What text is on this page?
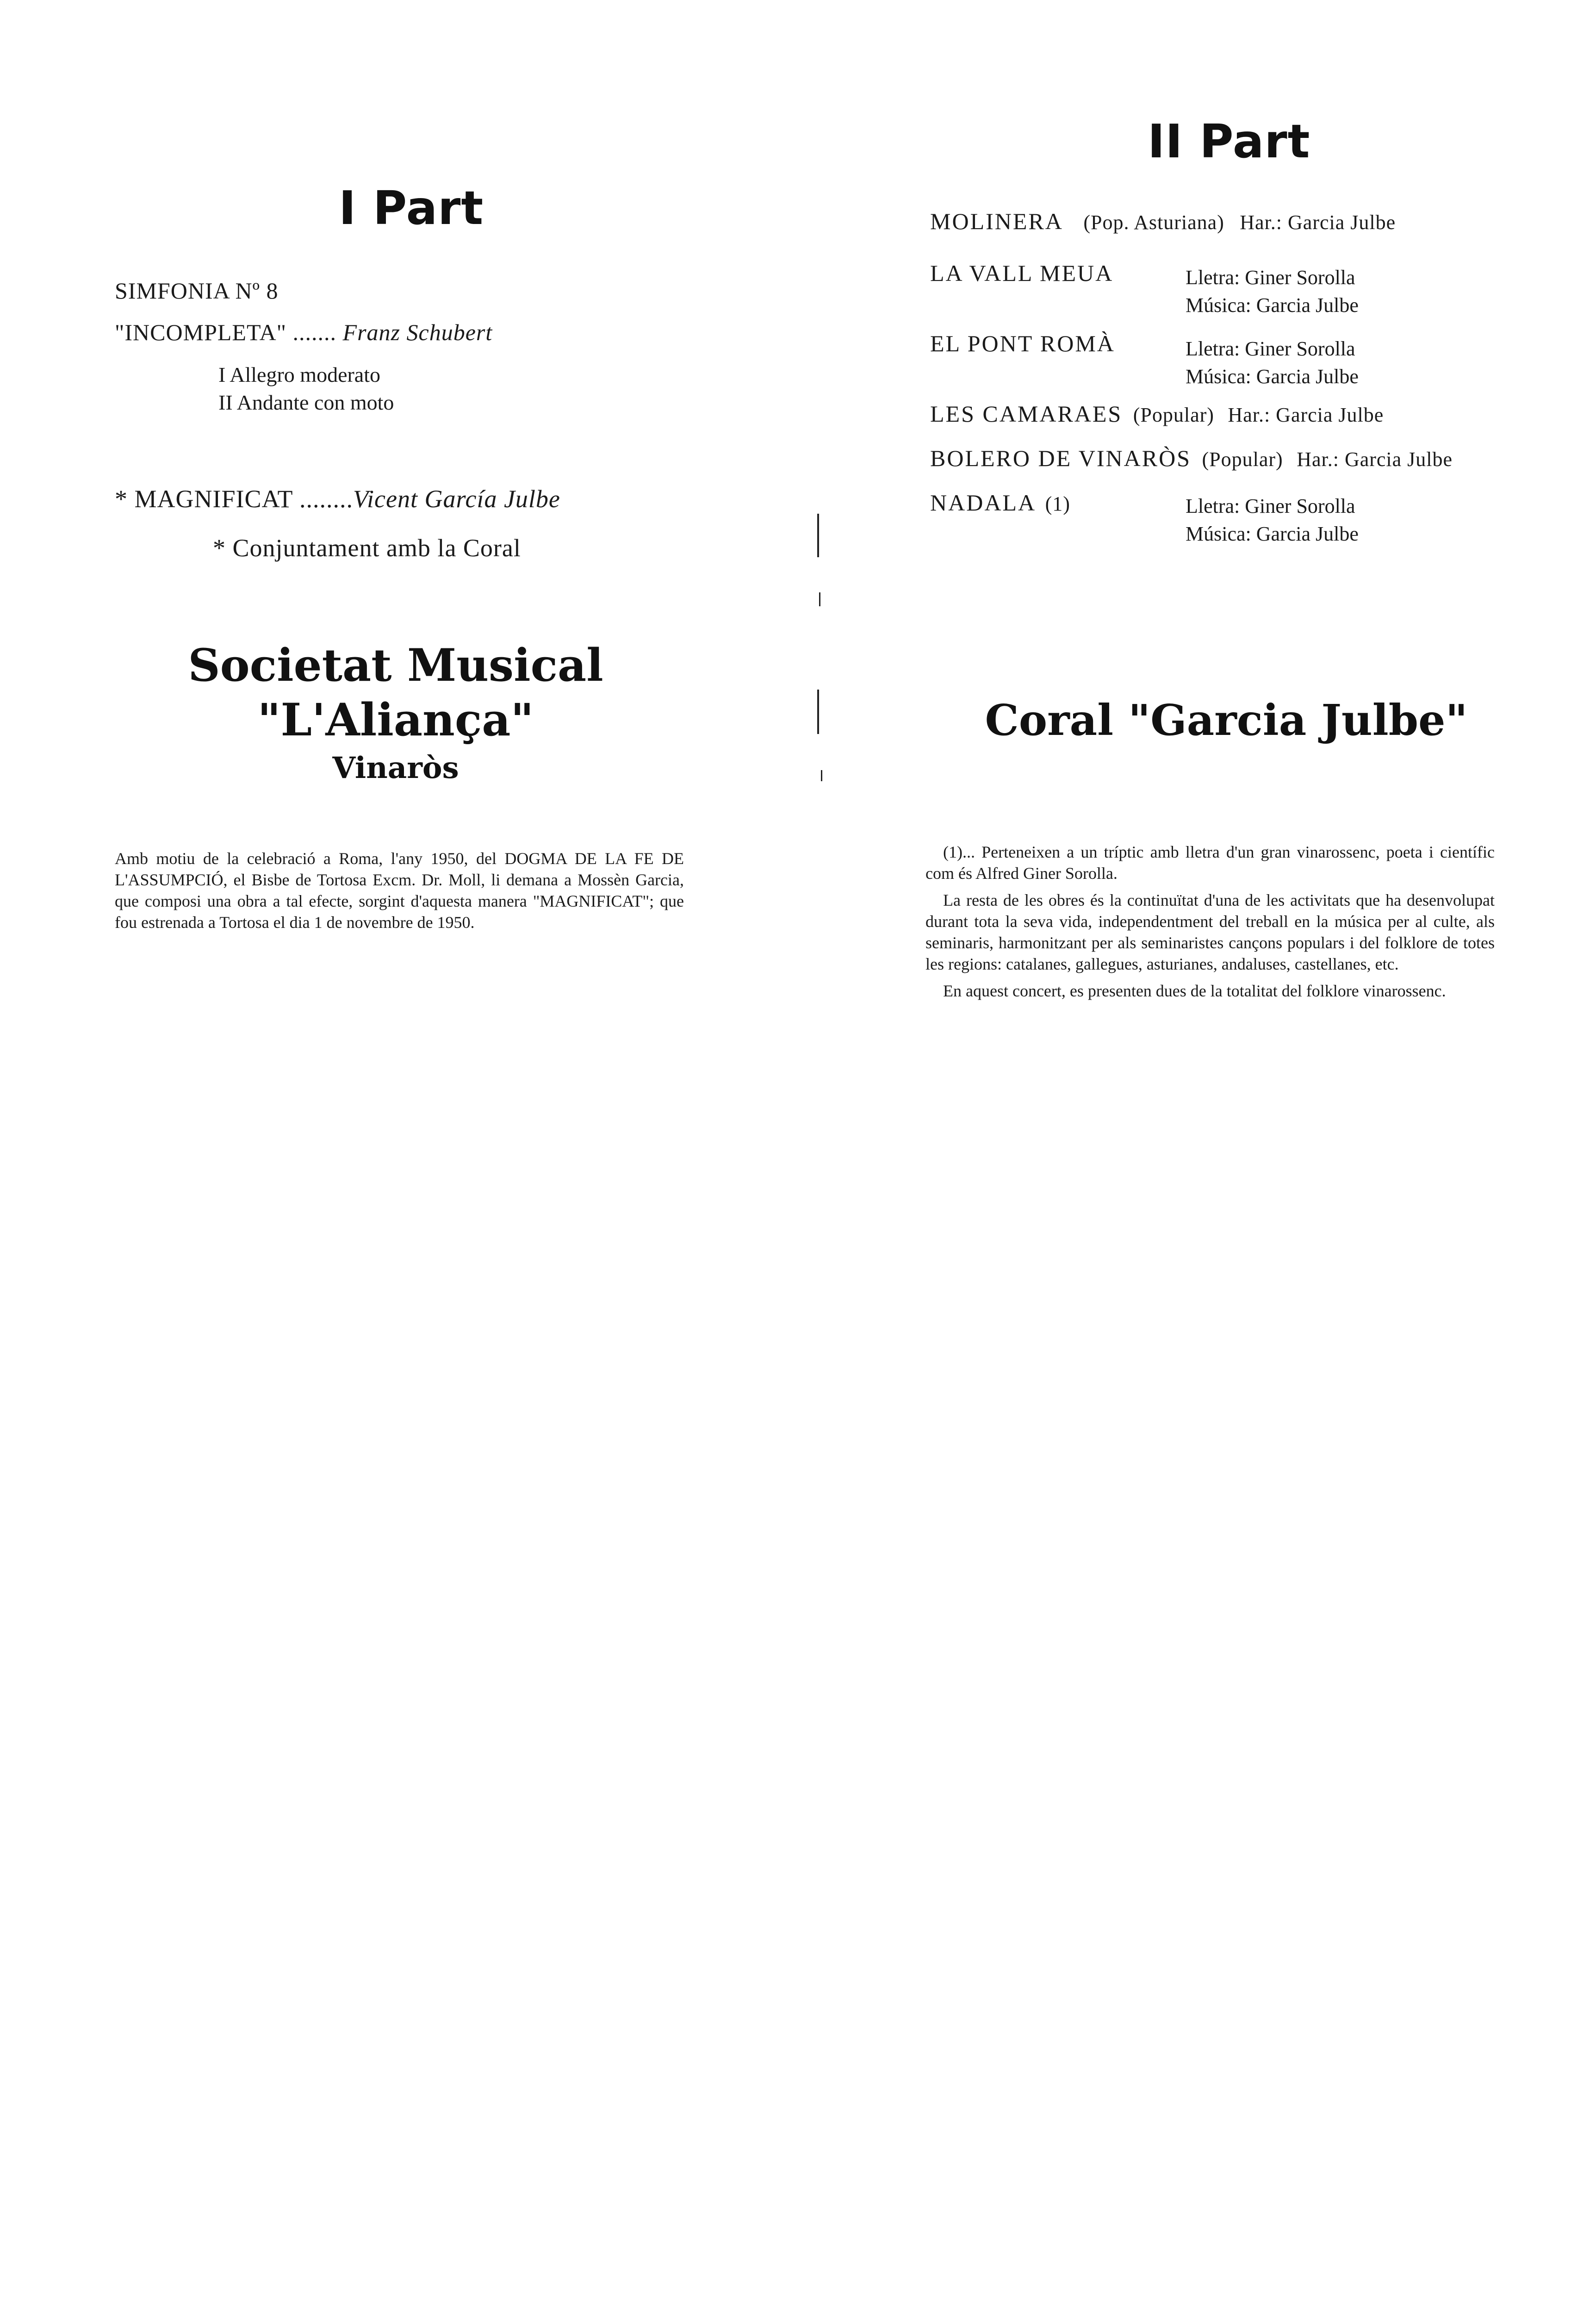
I Part
SIMFONIA Nº 8
"INCOMPLETA" ....... Franz Schubert
I Allegro moderato
II Andante con moto
* MAGNIFICAT ........Vicent García Julbe
* Conjuntament amb la Coral
Societat Musical
"L'Aliança"
Vinaròs

Amb motiu de la celebració a Roma, l'any 1950, del DOGMA DE LA FE DE L'ASSUMPCIÓ, el Bisbe de Tortosa Excm. Dr. Moll, li demana a Mossèn Garcia, que composi una obra a tal efecte, sorgint d'aquesta manera "MAGNIFICAT"; que fou estrenada a Tortosa el dia 1 de novembre de 1950.

II Part
MOLINERA (Pop. Asturiana) Har.: Garcia Julbe
LA VALL MEUA	Lletra: Giner Sorolla
Música: Garcia Julbe
EL PONT ROMÀ	Lletra: Giner Sorolla
Música: Garcia Julbe
LES CAMARAES (Popular) Har.: Garcia Julbe
BOLERO DE VINARÒS (Popular) Har.: Garcia Julbe
NADALA (1)	Lletra: Giner Sorolla
Música: Garcia Julbe
Coral "Garcia Julbe"

(1)... Perteneixen a un tríptic amb lletra d'un gran vinarossenc, poeta i científic com és Alfred Giner Sorolla.

La resta de les obres és la continuïtat d'una de les activitats que ha desenvolupat durant tota la seva vida, independentment del treball en la música per al culte, als seminaris, harmonitzant per als seminaristes cançons populars i del folklore de totes les regions: catalanes, gallegues, asturianes, andaluses, castellanes, etc.

En aquest concert, es presenten dues de la totalitat del folklore vinarossenc.
